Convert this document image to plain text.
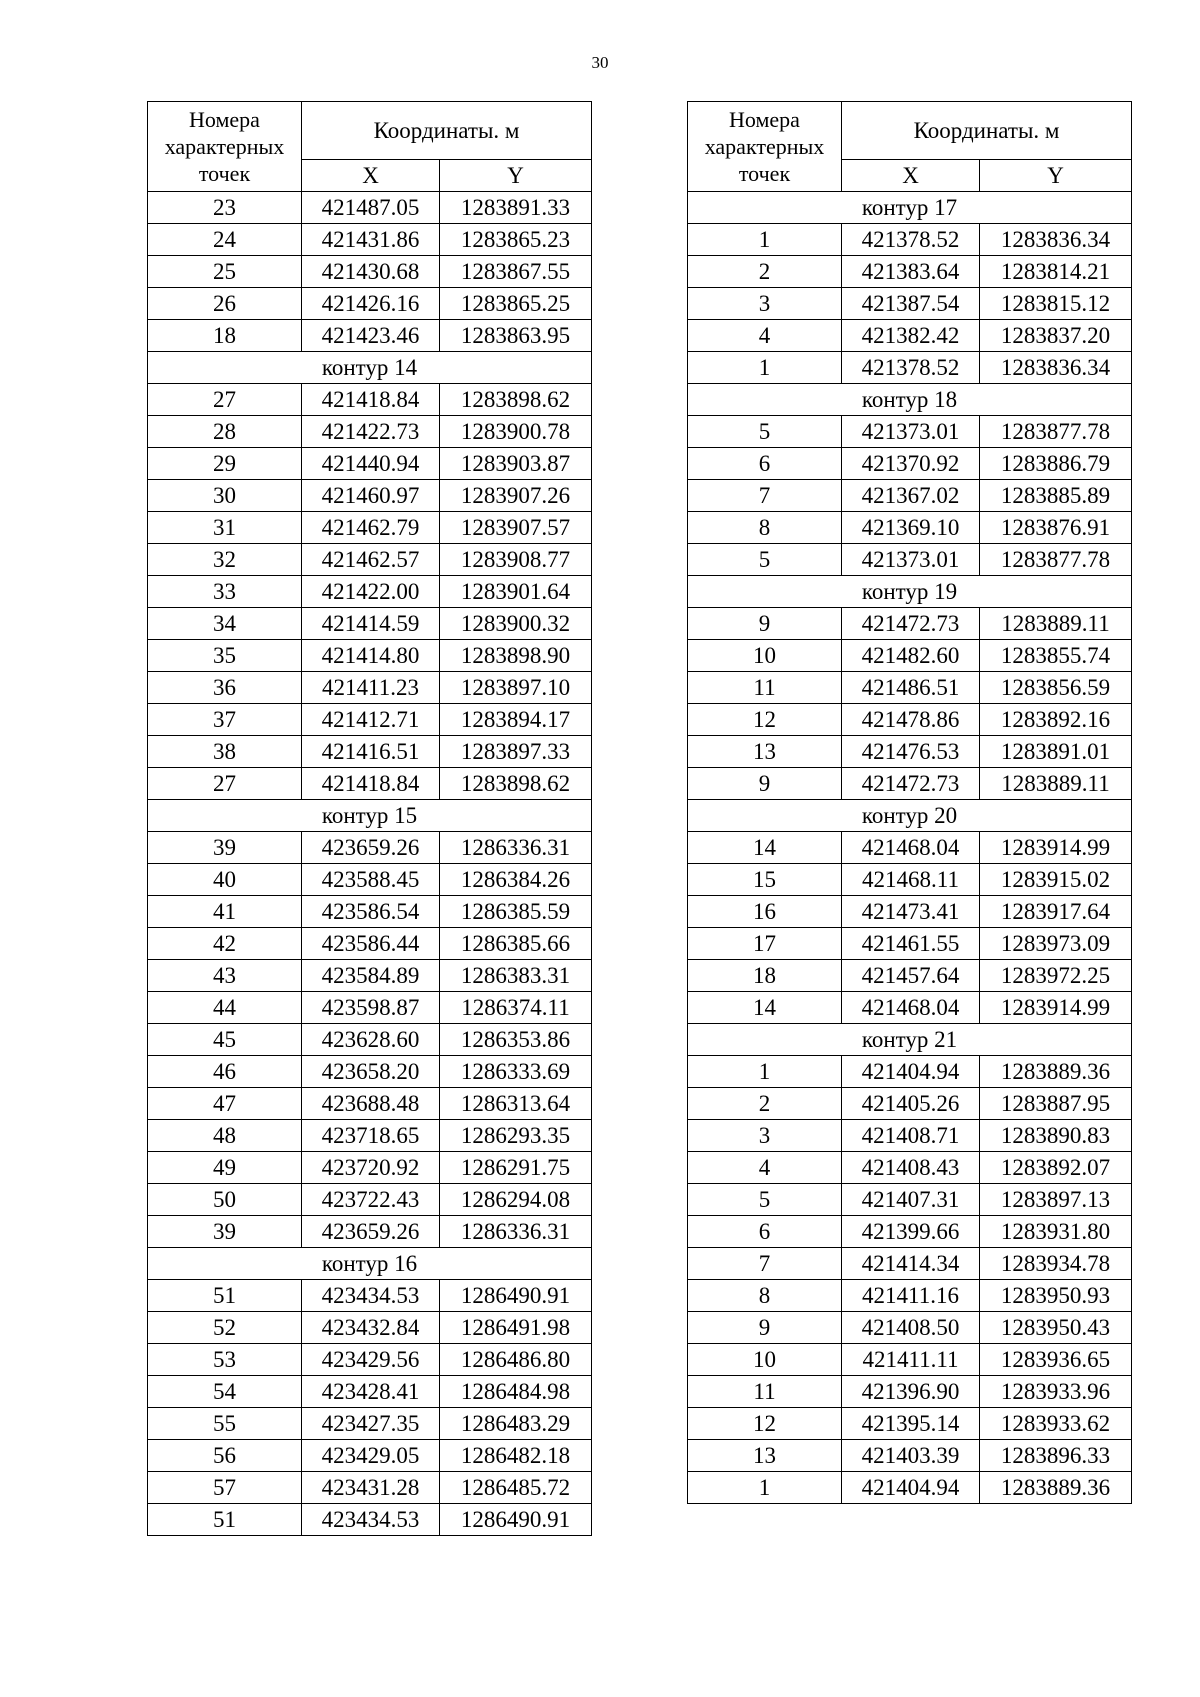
30
Номера характерных точек	Координаты. м	
	X	Y
23	421487.05	1283891.33
24	421431.86	1283865.23
25	421430.68	1283867.55
26	421426.16	1283865.25
18	421423.46	1283863.95
контур 14		
27	421418.84	1283898.62
28	421422.73	1283900.78
29	421440.94	1283903.87
30	421460.97	1283907.26
31	421462.79	1283907.57
32	421462.57	1283908.77
33	421422.00	1283901.64
34	421414.59	1283900.32
35	421414.80	1283898.90
36	421411.23	1283897.10
37	421412.71	1283894.17
38	421416.51	1283897.33
27	421418.84	1283898.62
контур 15		
39	423659.26	1286336.31
40	423588.45	1286384.26
41	423586.54	1286385.59
42	423586.44	1286385.66
43	423584.89	1286383.31
44	423598.87	1286374.11
45	423628.60	1286353.86
46	423658.20	1286333.69
47	423688.48	1286313.64
48	423718.65	1286293.35
49	423720.92	1286291.75
50	423722.43	1286294.08
39	423659.26	1286336.31
контур 16		
51	423434.53	1286490.91
52	423432.84	1286491.98
53	423429.56	1286486.80
54	423428.41	1286484.98
55	423427.35	1286483.29
56	423429.05	1286482.18
57	423431.28	1286485.72
51	423434.53	1286490.91
Номера характерных точек	Координаты. м	
	X	Y
контур 17		
1	421378.52	1283836.34
2	421383.64	1283814.21
3	421387.54	1283815.12
4	421382.42	1283837.20
1	421378.52	1283836.34
контур 18		
5	421373.01	1283877.78
6	421370.92	1283886.79
7	421367.02	1283885.89
8	421369.10	1283876.91
5	421373.01	1283877.78
контур 19		
9	421472.73	1283889.11
10	421482.60	1283855.74
11	421486.51	1283856.59
12	421478.86	1283892.16
13	421476.53	1283891.01
9	421472.73	1283889.11
контур 20		
14	421468.04	1283914.99
15	421468.11	1283915.02
16	421473.41	1283917.64
17	421461.55	1283973.09
18	421457.64	1283972.25
14	421468.04	1283914.99
контур 21		
1	421404.94	1283889.36
2	421405.26	1283887.95
3	421408.71	1283890.83
4	421408.43	1283892.07
5	421407.31	1283897.13
6	421399.66	1283931.80
7	421414.34	1283934.78
8	421411.16	1283950.93
9	421408.50	1283950.43
10	421411.11	1283936.65
11	421396.90	1283933.96
12	421395.14	1283933.62
13	421403.39	1283896.33
1	421404.94	1283889.36
